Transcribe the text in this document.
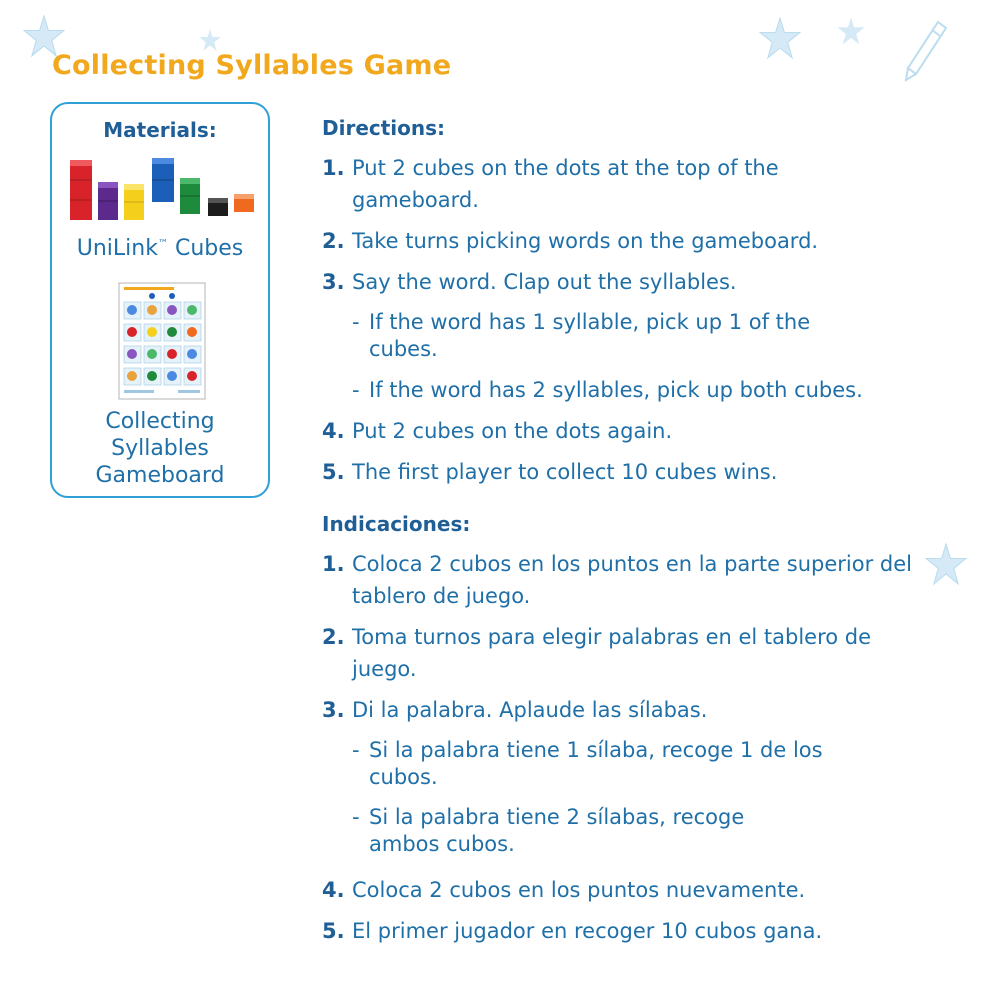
Collecting Syllables Game
Materials:
UniLink™ Cubes
Collecting
Syllables
Gameboard
Directions:
1. Put 2 cubes on the dots at the top of the gameboard.
2. Take turns picking words on the gameboard.
3. Say the word. Clap out the syllables.
- If the word has 1 syllable, pick up 1 of the cubes.
- If the word has 2 syllables, pick up both cubes.
4. Put 2 cubes on the dots again.
5. The first player to collect 10 cubes wins.
Indicaciones:
1. Coloca 2 cubos en los puntos en la parte superior del tablero de juego.
2. Toma turnos para elegir palabras en el tablero de juego.
3. Di la palabra. Aplaude las sílabas.
- Si la palabra tiene 1 sílaba, recoge 1 de los cubos.
- Si la palabra tiene 2 sílabas, recoge ambos cubos.
4. Coloca 2 cubos en los puntos nuevamente.
5. El primer jugador en recoger 10 cubos gana.
